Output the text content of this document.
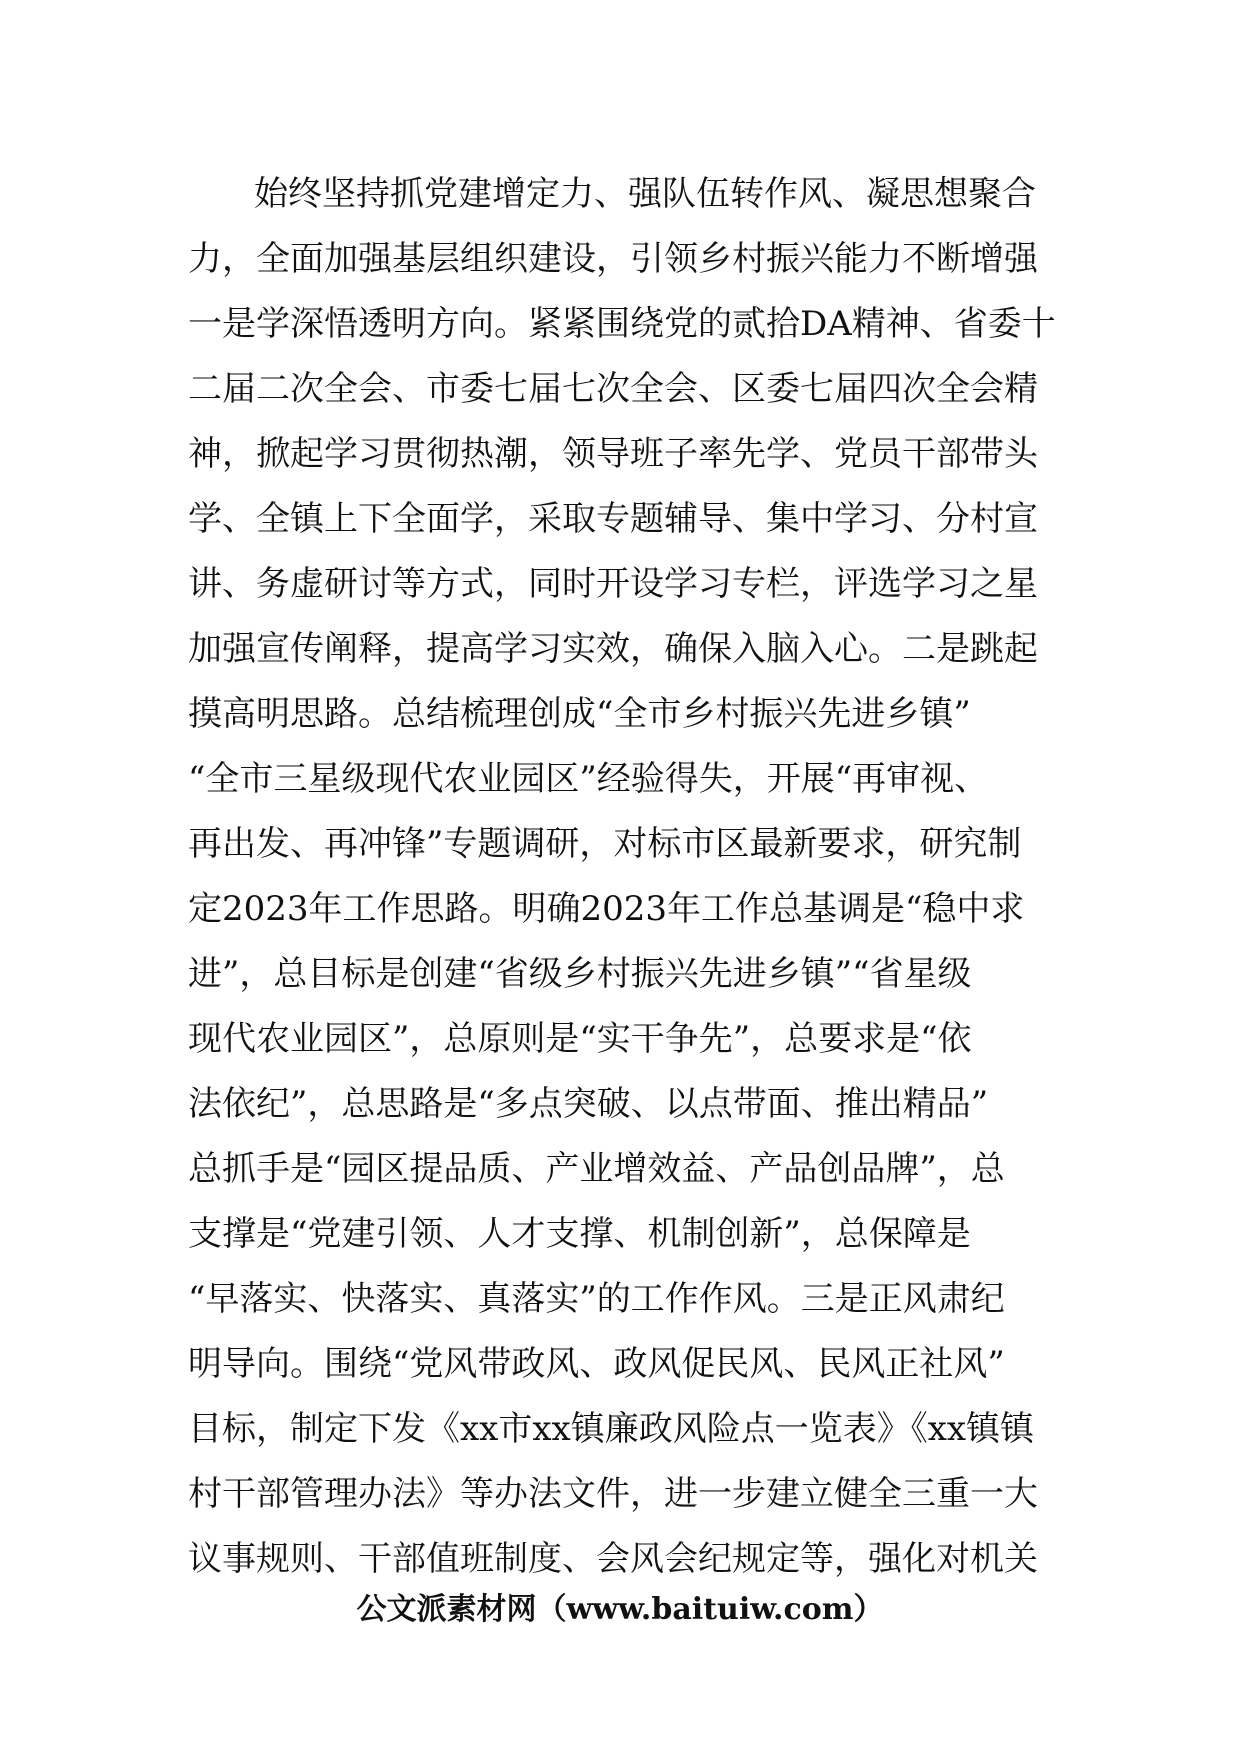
始终坚持抓党建增定力、强队伍转作风、凝思想聚合
力，全面加强基层组织建设，引领乡村振兴能力不断增强
一是学深悟透明方向。紧紧围绕党的贰拾DA精神、省委十
二届二次全会、市委七届七次全会、区委七届四次全会精
神，掀起学习贯彻热潮，领导班子率先学、党员干部带头
学、全镇上下全面学，采取专题辅导、集中学习、分村宣
讲、务虚研讨等方式，同时开设学习专栏，评选学习之星
加强宣传阐释，提高学习实效，确保入脑入心。二是跳起
摸高明思路。总结梳理创成“全市乡村振兴先进乡镇”
“全市三星级现代农业园区”经验得失，开展“再审视、
再出发、再冲锋”专题调研，对标市区最新要求，研究制
定2023年工作思路。明确2023年工作总基调是“稳中求
进”，总目标是创建“省级乡村振兴先进乡镇”“省星级
现代农业园区”，总原则是“实干争先”，总要求是“依
法依纪”，总思路是“多点突破、以点带面、推出精品”
总抓手是“园区提品质、产业增效益、产品创品牌”，总
支撑是“党建引领、人才支撑、机制创新”，总保障是
“早落实、快落实、真落实”的工作作风。三是正风肃纪
明导向。围绕“党风带政风、政风促民风、民风正社风”
目标，制定下发《xx市xx镇廉政风险点一览表》《xx镇镇
村干部管理办法》等办法文件，进一步建立健全三重一大
议事规则、干部值班制度、会风会纪规定等，强化对机关
公文派素材网（www.baituiw.com）
